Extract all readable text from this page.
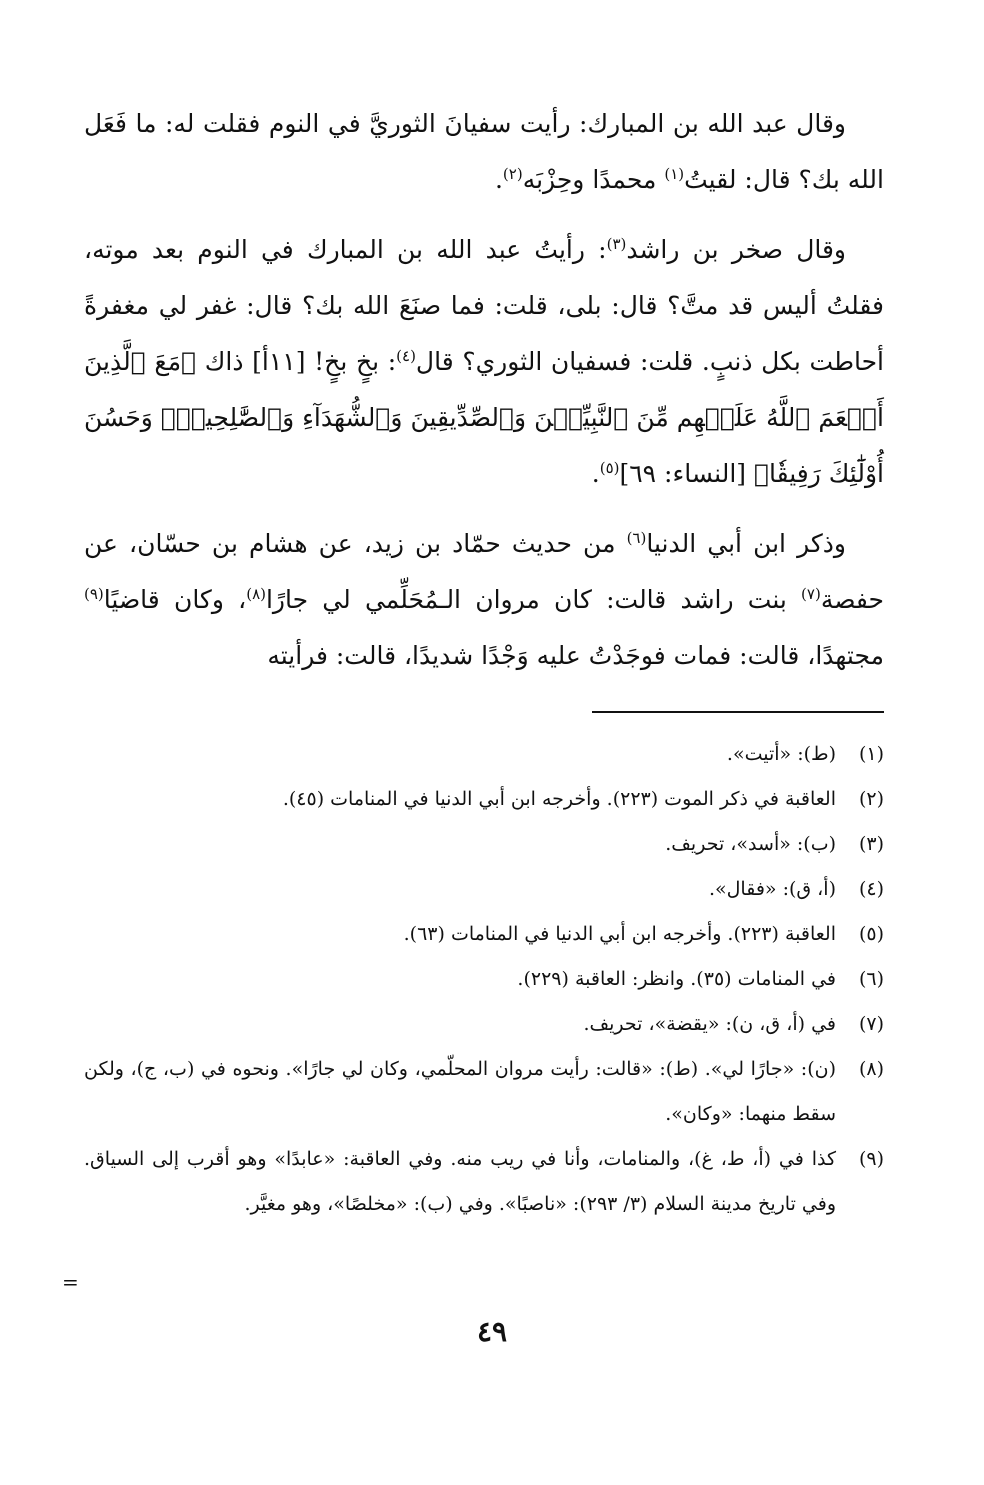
وقال عبد الله بن المبارك: رأيت سفيانَ الثوريَّ في النوم فقلت له: ما فَعَل الله بك؟ قال: لقيتُ$^{(١)}$ محمدًا وحِزْبَه$^{(٢)}$.

وقال صخر بن راشد$^{(٣)}$: رأيتُ عبد الله بن المبارك في النوم بعد موته، فقلتُ أليس قد متَّ؟ قال: بلى، قلت: فما صنَعَ الله بك؟ قال: غفر لي مغفرةً أحاطت بكل ذنبٍ. قلت: فسفيان الثوري؟ قال$^{(٤)}$: بخٍ بخٍ! [١١أ] ذاك ﴿مَعَ ٱلَّذِينَ أَنۡعَمَ ٱللَّهُ عَلَيۡهِم مِّنَ ٱلنَّبِيِّـۧنَ وَٱلصِّدِّيقِينَ وَٱلشُّهَدَآءِ وَٱلصَّٰلِحِينَۚ وَحَسُنَ أُوْلَٰٓئِكَ رَفِيقٗا﴾ [النساء: ٦٩]$^{(٥)}$.

وذكر ابن أبي الدنيا$^{(٦)}$ من حديث حمّاد بن زيد، عن هشام بن حسّان، عن حفصة$^{(٧)}$ بنت راشد قالت: كان مروان الـمُحَلِّمي لي جارًا$^{(٨)}$، وكان قاضيًا$^{(٩)}$ مجتهدًا، قالت: فمات فوجَدْتُ عليه وَجْدًا شديدًا، قالت: فرأيته

(١)
(ط): «أتيت».
(٢)
العاقبة في ذكر الموت (٢٢٣). وأخرجه ابن أبي الدنيا في المنامات (٤٥).
(٣)
(ب): «أسد»، تحريف.
(٤)
(أ، ق): «فقال».
(٥)
العاقبة (٢٢٣). وأخرجه ابن أبي الدنيا في المنامات (٦٣).
(٦)
في المنامات (٣٥). وانظر: العاقبة (٢٢٩).
(٧)
في (أ، ق، ن): «يقضة»، تحريف.
(٨)
(ن): «جارًا لي». (ط): «قالت: رأيت مروان المحلّمي، وكان لي جارًا». ونحوه في (ب، ج)، ولكن سقط منهما: «وكان».
(٩)
كذا في (أ، ط، غ)، والمنامات، وأنا في ريب منه. وفي العاقبة: «عابدًا» وهو أقرب إلى السياق. وفي تاريخ مدينة السلام (٣/ ٢٩٣): «ناصبًا». وفي (ب): «مخلصًا»، وهو مغيَّر.
=
٤٩
